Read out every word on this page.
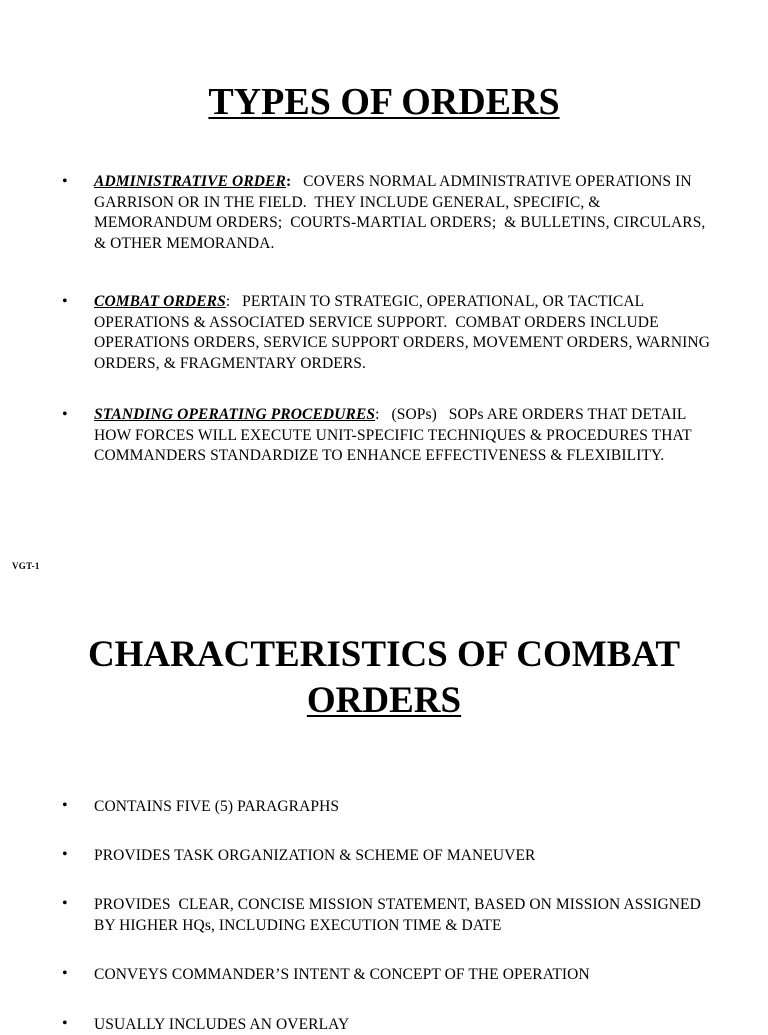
TYPES OF ORDERS
• ADMINISTRATIVE ORDER:   COVERS NORMAL ADMINISTRATIVE OPERATIONS IN GARRISON OR IN THE FIELD.  THEY INCLUDE GENERAL, SPECIFIC, & MEMORANDUM ORDERS;  COURTS-MARTIAL ORDERS;  & BULLETINS, CIRCULARS, & OTHER MEMORANDA.
• COMBAT ORDERS:   PERTAIN TO STRATEGIC, OPERATIONAL, OR TACTICAL OPERATIONS & ASSOCIATED SERVICE SUPPORT.  COMBAT ORDERS INCLUDE OPERATIONS ORDERS, SERVICE SUPPORT ORDERS, MOVEMENT ORDERS, WARNING ORDERS, & FRAGMENTARY ORDERS.
• STANDING OPERATING PROCEDURES:   (SOPs)   SOPs ARE ORDERS THAT DETAIL HOW FORCES WILL EXECUTE UNIT-SPECIFIC TECHNIQUES & PROCEDURES THAT COMMANDERS STANDARDIZE TO ENHANCE EFFECTIVENESS & FLEXIBILITY.
VGT-1
CHARACTERISTICS OF COMBAT
ORDERS
• CONTAINS FIVE (5) PARAGRAPHS
• PROVIDES TASK ORGANIZATION & SCHEME OF MANEUVER
• PROVIDES  CLEAR, CONCISE MISSION STATEMENT, BASED ON MISSION ASSIGNED BY HIGHER HQs, INCLUDING EXECUTION TIME & DATE
• CONVEYS COMMANDER’S INTENT & CONCEPT OF THE OPERATION
• USUALLY INCLUDES AN OVERLAY
